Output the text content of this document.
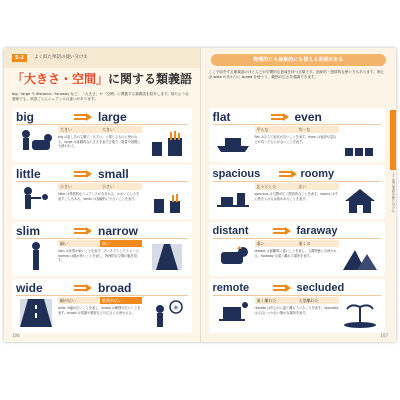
5-2	よく似た単語の使い分け①
「大きさ・空間」に関する類義語
big／large や distance／faraway など、「大きさ」や「空間」に関連する類義語を紹介します。似たような意味でも、単語ごとにニュアンスの違いがあります。
big	large
大きい	大きい
big は話し手の主観で「大きい」と感じるものに使われる。large は客観的な大きさを表す言葉で、数量や規模にも使われる。
little	small
小さい	小さい
little は感情的なニュアンスが含まれる。かわいらしさを表すこともある。small は客観的に小さいことを表す。
slim	narrow
細い	狭い
slim は体型が細いことを表す。ほっそりとしたイメージ。narrow は幅が狭いことを表し、物理的な空間の幅を指す。
wide	broad
幅が広い	範囲が広い
wide は幅が広いことを表し、broad は範囲が広いことを表す。broad は知識や視野などの広さにも使われる。
✳
106
物理的にも抽象的にも使える表現がある
ここで紹介する類義語のほとんどが空間的な意味を持つ言葉です。抽象的・感情的な使い方もあります。例えば wide の代わりに broad を使うと、範囲の広さを強調できます。
よく似た単語の使い分け①
flat	even
平らな	均一な
flat は平らで起伏がないことを表す。even は表面や量などが均一でむらがないことを表す。
spacious	roomy
広々とした	広い
spacious は空間が広く開放的なことを表す。roomy は中に物を入れる余裕があることを表す。
distant	faraway
遠い	遠くの
distant は距離的に遠いことを表し、人間関係にも使われる。faraway は遠く離れた場所を表す。
remote	secluded
遠く離れた	人里離れた
remote は中心から遠く離れていることを表す。secluded は人目につかない静かな場所を表す。
107
